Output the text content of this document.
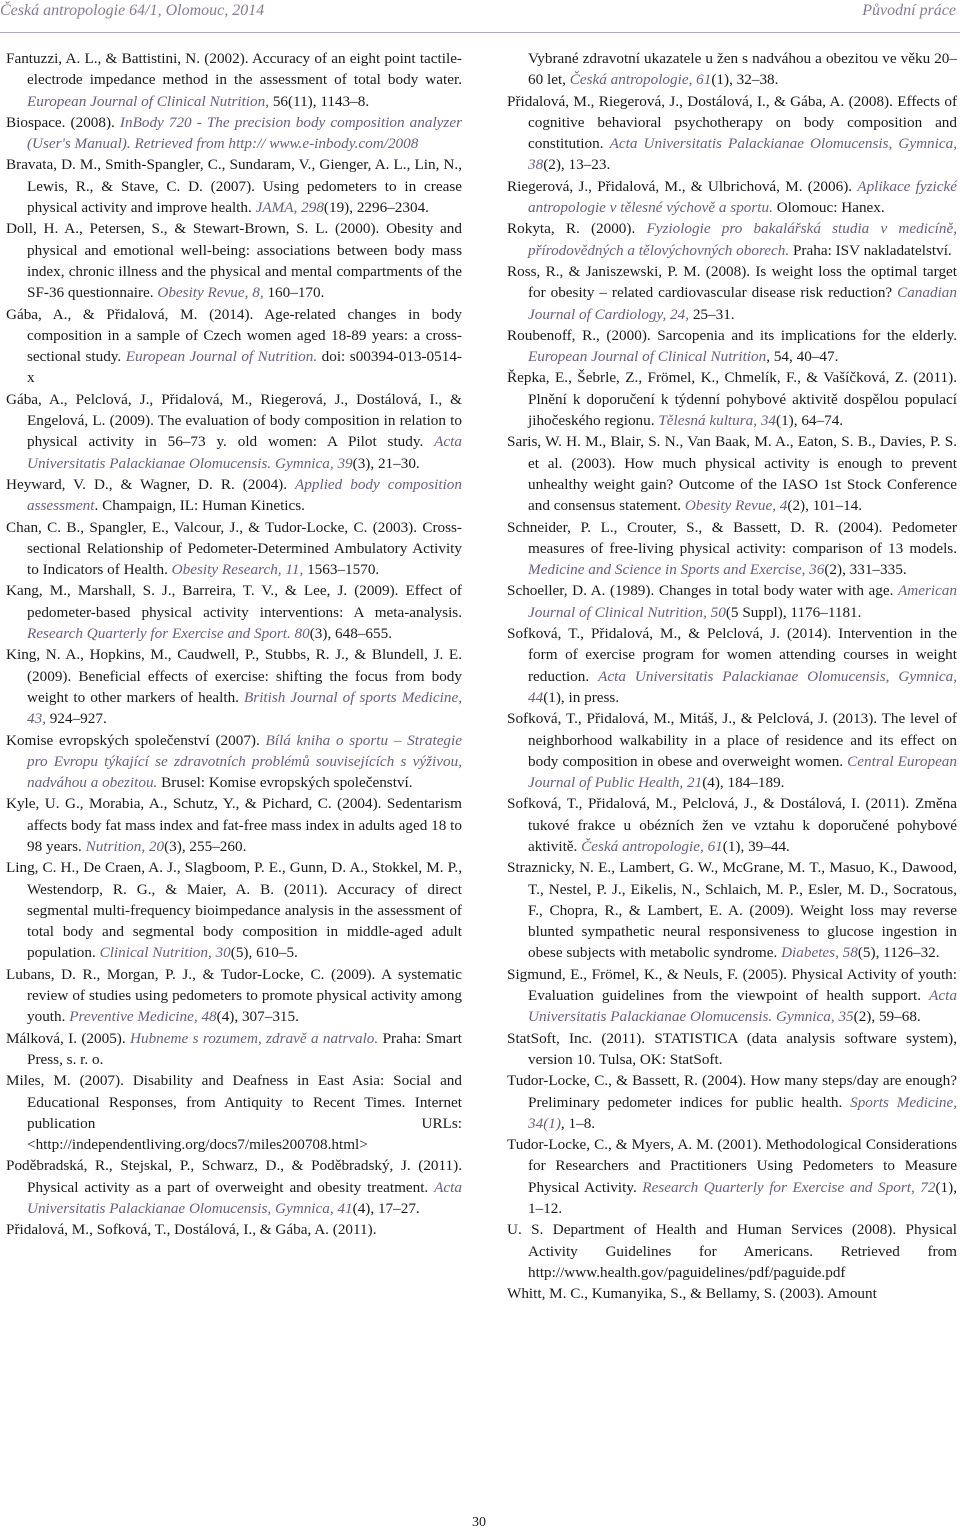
Česká antropologie 64/1, Olomouc, 2014	Původní práce

Fantuzzi, A. L., & Battistini, N. (2002). Accuracy of an eight point tactile-electrode impedance method in the assessment of total body water. European Journal of Clinical Nutrition, 56(11), 1143–8.

Biospace. (2008). InBody 720 - The precision body composition analyzer (User's Manual). Retrieved from http:// www.e-inbody.com/2008

Bravata, D. M., Smith-Spangler, C., Sundaram, V., Gienger, A. L., Lin, N., Lewis, R., & Stave, C. D. (2007). Using pedometers to in crease physical activity and improve health. JAMA, 298(19), 2296–2304.

Doll, H. A., Petersen, S., & Stewart-Brown, S. L. (2000). Obesity and physical and emotional well-being: associations between body mass index, chronic illness and the physical and mental compartments of the SF-36 questionnaire. Obesity Revue, 8, 160–170.

Gába, A., & Přidalová, M. (2014). Age-related changes in body composition in a sample of Czech women aged 18-89 years: a cross-sectional study. European Journal of Nutrition. doi: s00394-013-0514-x

Gába, A., Pelclová, J., Přidalová, M., Riegerová, J., Dostálová, I., & Engelová, L. (2009). The evaluation of body composition in relation to physical activity in 56–73 y. old women: A Pilot study. Acta Universitatis Palackianae Olomucensis. Gymnica, 39(3), 21–30.

Heyward, V. D., & Wagner, D. R. (2004). Applied body composition assessment. Champaign, IL: Human Kinetics.

Chan, C. B., Spangler, E., Valcour, J., & Tudor-Locke, C. (2003). Cross-sectional Relationship of Pedometer-Determined Ambulatory Activity to Indicators of Health. Obesity Research, 11, 1563–1570.

Kang, M., Marshall, S. J., Barreira, T. V., & Lee, J. (2009). Effect of pedometer-based physical activity interventions: A meta-analysis. Research Quarterly for Exercise and Sport. 80(3), 648–655.

King, N. A., Hopkins, M., Caudwell, P., Stubbs, R. J., & Blundell, J. E. (2009). Beneficial effects of exercise: shifting the focus from body weight to other markers of health. British Journal of sports Medicine, 43, 924–927.

Komise evropských společenství (2007). Bílá kniha o sportu – Strategie pro Evropu týkající se zdravotních problémů souvisejících s výživou, nadváhou a obezitou. Brusel: Komise evropských společenství.

Kyle, U. G., Morabia, A., Schutz, Y., & Pichard, C. (2004). Sedentarism affects body fat mass index and fat-free mass index in adults aged 18 to 98 years. Nutrition, 20(3), 255–260.

Ling, C. H., De Craen, A. J., Slagboom, P. E., Gunn, D. A., Stokkel, M. P., Westendorp, R. G., & Maier, A. B. (2011). Accuracy of direct segmental multi-frequency bioimpedance analysis in the assessment of total body and segmental body composition in middle-aged adult population. Clinical Nutrition, 30(5), 610–5.

Lubans, D. R., Morgan, P. J., & Tudor-Locke, C. (2009). A systematic review of studies using pedometers to promote physical activity among youth. Preventive Medicine, 48(4), 307–315.

Málková, I. (2005). Hubneme s rozumem, zdravě a natrvalo. Praha: Smart Press, s. r. o.

Miles, M. (2007). Disability and Deafness in East Asia: Social and Educational Responses, from Antiquity to Recent Times. Internet publication URLs: <http://independentliving.org/docs7/miles200708.html>

Poděbradská, R., Stejskal, P., Schwarz, D., & Poděbradský, J. (2011). Physical activity as a part of overweight and obesity treatment. Acta Universitatis Palackianae Olomucensis, Gymnica, 41(4), 17–27.

Přidalová, M., Sofková, T., Dostálová, I., & Gába, A. (2011).

Vybrané zdravotní ukazatele u žen s nadváhou a obezitou ve věku 20–60 let, Česká antropologie, 61(1), 32–38.

Přidalová, M., Riegerová, J., Dostálová, I., & Gába, A. (2008). Effects of cognitive behavioral psychotherapy on body composition and constitution. Acta Universitatis Palackianae Olomucensis, Gymnica, 38(2), 13–23.

Riegerová, J., Přidalová, M., & Ulbrichová, M. (2006). Aplikace fyzické antropologie v tělesné výchově a sportu. Olomouc: Hanex.

Rokyta, R. (2000). Fyziologie pro bakalářská studia v medicíně, přírodovědných a tělovýchovných oborech. Praha: ISV nakladatelství.

Ross, R., & Janiszewski, P. M. (2008). Is weight loss the optimal target for obesity – related cardiovascular disease risk reduction? Canadian Journal of Cardiology, 24, 25–31.

Roubenoff, R., (2000). Sarcopenia and its implications for the elderly. European Journal of Clinical Nutrition, 54, 40–47.

Řepka, E., Šebrle, Z., Frömel, K., Chmelík, F., & Vašíčková, Z. (2011). Plnění k doporučení k týdenní pohybové aktivitě dospělou populací jihočeského regionu. Tělesná kultura, 34(1), 64–74.

Saris, W. H. M., Blair, S. N., Van Baak, M. A., Eaton, S. B., Davies, P. S. et al. (2003). How much physical activity is enough to prevent unhealthy weight gain? Outcome of the IASO 1st Stock Conference and consensus statement. Obesity Revue, 4(2), 101–14.

Schneider, P. L., Crouter, S., & Bassett, D. R. (2004). Pedometer measures of free-living physical activity: comparison of 13 models. Medicine and Science in Sports and Exercise, 36(2), 331–335.

Schoeller, D. A. (1989). Changes in total body water with age. American Journal of Clinical Nutrition, 50(5 Suppl), 1176–1181.

Sofková, T., Přidalová, M., & Pelclová, J. (2014). Intervention in the form of exercise program for women attending courses in weight reduction. Acta Universitatis Palackianae Olomucensis, Gymnica, 44(1), in press.

Sofková, T., Přidalová, M., Mitáš, J., & Pelclová, J. (2013). The level of neighborhood walkability in a place of residence and its effect on body composition in obese and overweight women. Central European Journal of Public Health, 21(4), 184–189.

Sofková, T., Přidalová, M., Pelclová, J., & Dostálová, I. (2011). Změna tukové frakce u obézních žen ve vztahu k doporučené pohybové aktivitě. Česká antropologie, 61(1), 39–44.

Straznicky, N. E., Lambert, G. W., McGrane, M. T., Masuo, K., Dawood, T., Nestel, P. J., Eikelis, N., Schlaich, M. P., Esler, M. D., Socratous, F., Chopra, R., & Lambert, E. A. (2009). Weight loss may reverse blunted sympathetic neural responsiveness to glucose ingestion in obese subjects with metabolic syndrome. Diabetes, 58(5), 1126–32.

Sigmund, E., Frömel, K., & Neuls, F. (2005). Physical Activity of youth: Evaluation guidelines from the viewpoint of health support. Acta Universitatis Palackianae Olomucensis. Gymnica, 35(2), 59–68.

StatSoft, Inc. (2011). STATISTICA (data analysis software system), version 10. Tulsa, OK: StatSoft.

Tudor-Locke, C., & Bassett, R. (2004). How many steps/day are enough? Preliminary pedometer indices for public health. Sports Medicine, 34(1), 1–8.

Tudor-Locke, C., & Myers, A. M. (2001). Methodological Considerations for Researchers and Practitioners Using Pedometers to Measure Physical Activity. Research Quarterly for Exercise and Sport, 72(1), 1–12.

U. S. Department of Health and Human Services (2008). Physical Activity Guidelines for Americans. Retrieved from http://www.health.gov/paguidelines/pdf/paguide.pdf

Whitt, M. C., Kumanyika, S., & Bellamy, S. (2003). Amount

30
